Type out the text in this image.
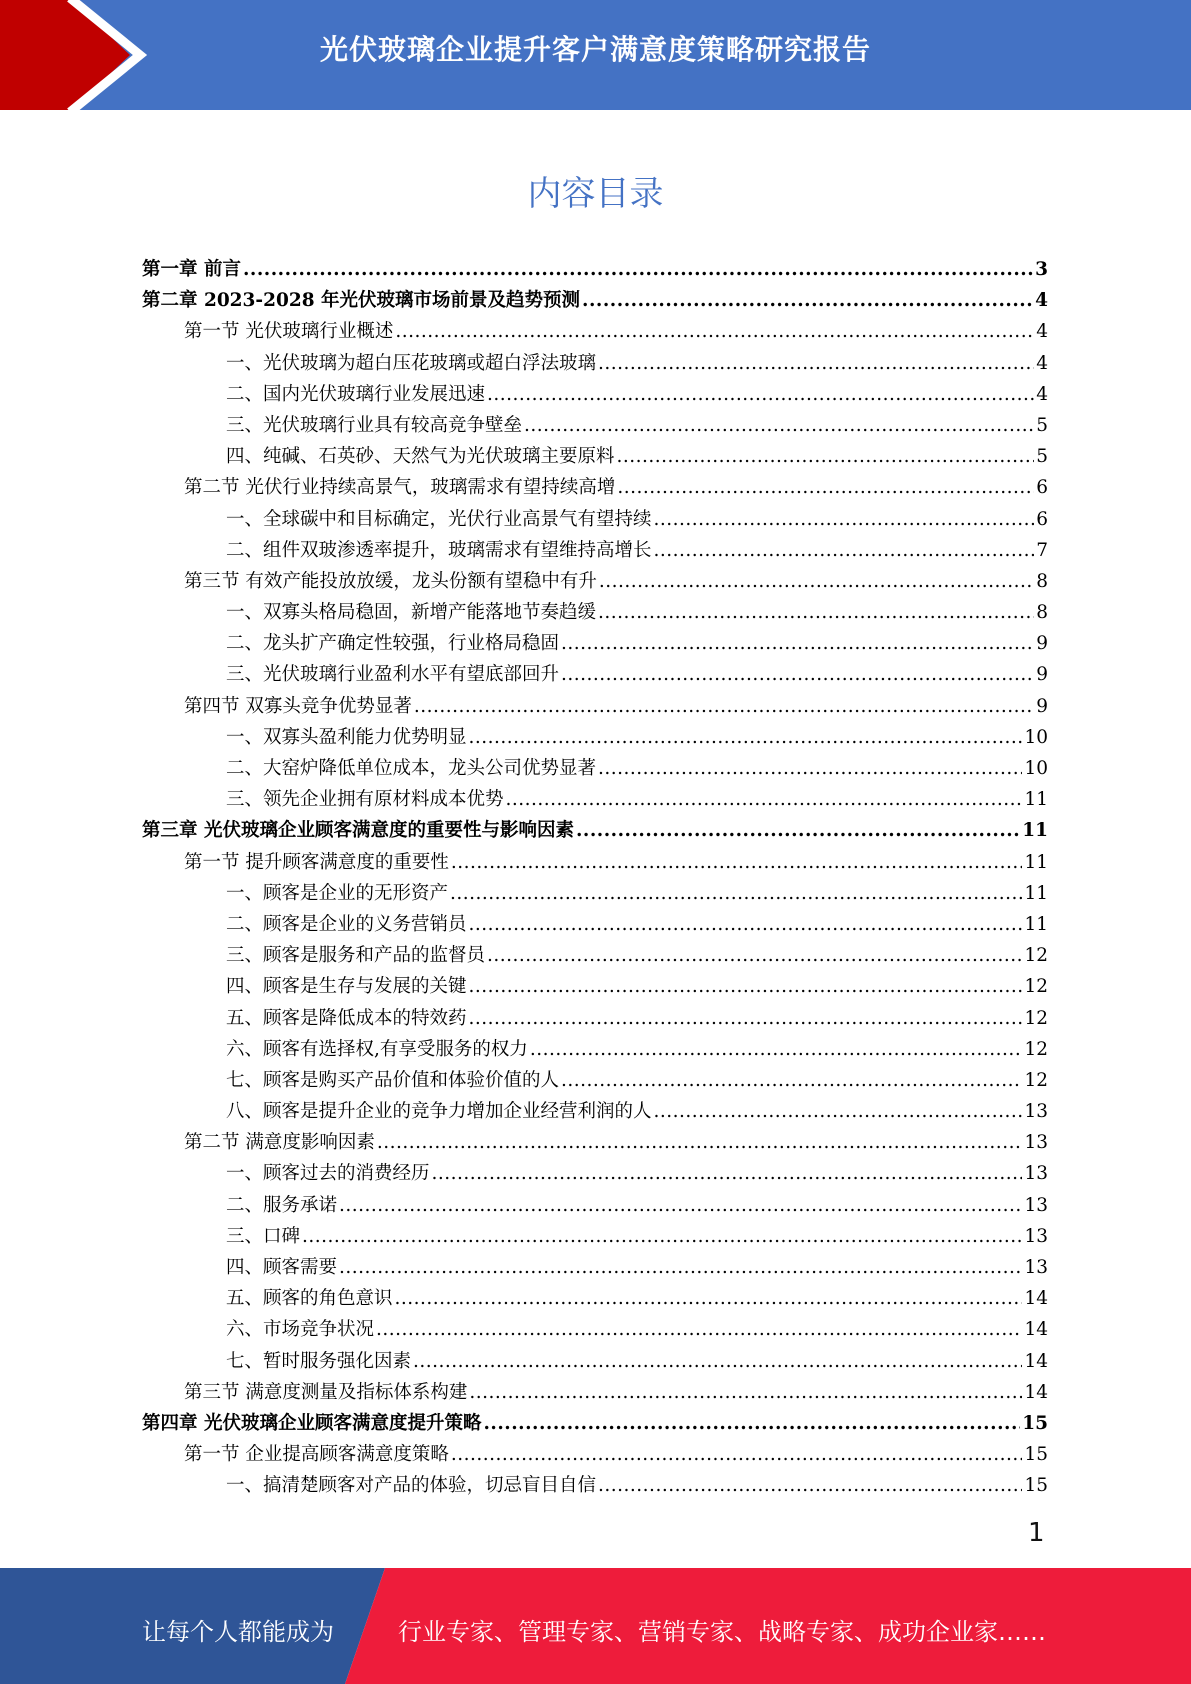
光伏玻璃企业提升客户满意度策略研究报告
内容目录
第一章 前言 .....	3
第二章 2023-2028 年光伏玻璃市场前景及趋势预测 .....	4
第一节 光伏玻璃行业概述 .....	4
一、光伏玻璃为超白压花玻璃或超白浮法玻璃 .....	4
二、国内光伏玻璃行业发展迅速 .....	4
三、光伏玻璃行业具有较高竞争壁垒 .....	5
四、纯碱、石英砂、天然气为光伏玻璃主要原料 .....	5
第二节 光伏行业持续高景气，玻璃需求有望持续高增 .....	6
一、全球碳中和目标确定，光伏行业高景气有望持续 .....	6
二、组件双玻渗透率提升，玻璃需求有望维持高增长 .....	7
第三节 有效产能投放放缓，龙头份额有望稳中有升 .....	8
一、双寡头格局稳固，新增产能落地节奏趋缓 .....	8
二、龙头扩产确定性较强，行业格局稳固 .....	9
三、光伏玻璃行业盈利水平有望底部回升 .....	9
第四节 双寡头竞争优势显著 .....	9
一、双寡头盈利能力优势明显 .....	10
二、大窑炉降低单位成本，龙头公司优势显著 .....	10
三、领先企业拥有原材料成本优势 .....	11
第三章 光伏玻璃企业顾客满意度的重要性与影响因素 .....	11
第一节 提升顾客满意度的重要性 .....	11
一、顾客是企业的无形资产 .....	11
二、顾客是企业的义务营销员 .....	11
三、顾客是服务和产品的监督员 .....	12
四、顾客是生存与发展的关键 .....	12
五、顾客是降低成本的特效药 .....	12
六、顾客有选择权,有享受服务的权力 .....	12
七、顾客是购买产品价值和体验价值的人 .....	12
八、顾客是提升企业的竞争力增加企业经营利润的人 .....	13
第二节 满意度影响因素 .....	13
一、顾客过去的消费经历 .....	13
二、服务承诺 .....	13
三、口碑 .....	13
四、顾客需要 .....	13
五、顾客的角色意识 .....	14
六、市场竞争状况 .....	14
七、暂时服务强化因素 .....	14
第三节 满意度测量及指标体系构建 .....	14
第四章 光伏玻璃企业顾客满意度提升策略 .....	15
第一节 企业提高顾客满意度策略 .....	15
一、搞清楚顾客对产品的体验，切忌盲目自信 .....	15
1
让每个人都能成为	行业专家、管理专家、营销专家、战略专家、成功企业家……
